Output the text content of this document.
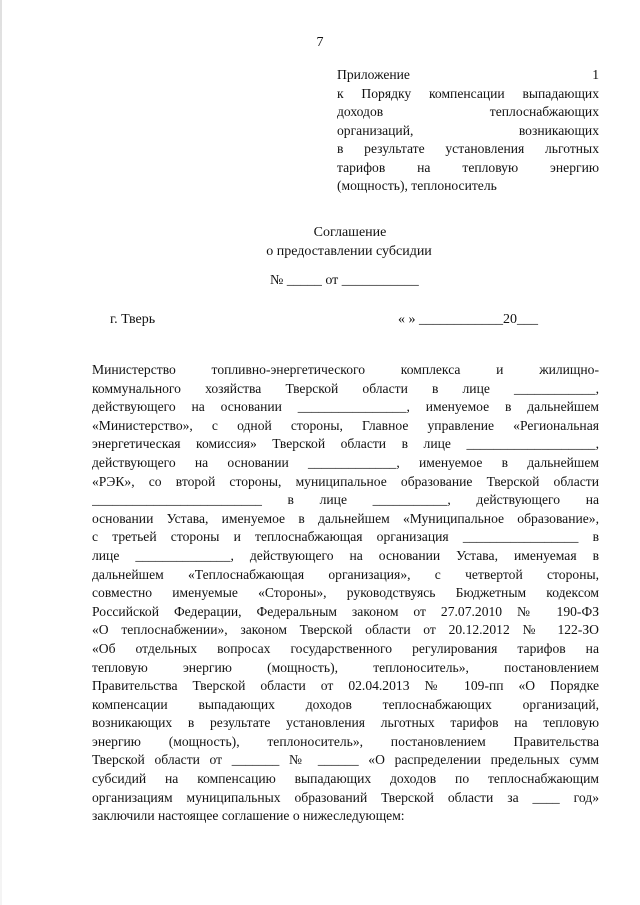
7
Приложение 1
к Порядку компенсации выпадающих
доходов теплоснабжающих
организаций, возникающих
в результате установления льготных
тарифов на тепловую энергию
(мощность), теплоноситель
Соглашение
о предоставлении субсидии
№ _____ от ___________
г. Тверь	« » ____________20___
Министерство топливно-энергетического комплекса и жилищно-
коммунального хозяйства Тверской области в лице ____________,
действующего на основании ________________, именуемое в дальнейшем
«Министерство», с одной стороны, Главное управление «Региональная
энергетическая комиссия» Тверской области в лице ___________________,
действующего на основании _____________, именуемое в дальнейшем
«РЭК», со второй стороны, муниципальное образование Тверской области
_________________________ в лице ___________, действующего на
основании Устава, именуемое в дальнейшем «Муниципальное образование»,
с третьей стороны и теплоснабжающая организация _________________ в
лице ______________, действующего на основании Устава, именуемая в
дальнейшем «Теплоснабжающая организация», с четвертой стороны,
совместно именуемые «Стороны», руководствуясь Бюджетным кодексом
Российской Федерации, Федеральным законом от 27.07.2010 № 190-ФЗ
«О теплоснабжении», законом Тверской области от 20.12.2012 № 122-ЗО
«Об отдельных вопросах государственного регулирования тарифов на
тепловую энергию (мощность), теплоноситель», постановлением
Правительства Тверской области от 02.04.2013 № 109-пп «О Порядке
компенсации выпадающих доходов теплоснабжающих организаций,
возникающих в результате установления льготных тарифов на тепловую
энергию (мощность), теплоноситель», постановлением Правительства
Тверской области от _______ № ______ «О распределении предельных сумм
субсидий на компенсацию выпадающих доходов по теплоснабжающим
организациям муниципальных образований Тверской области за ____ год»
заключили настоящее соглашение о нижеследующем:
